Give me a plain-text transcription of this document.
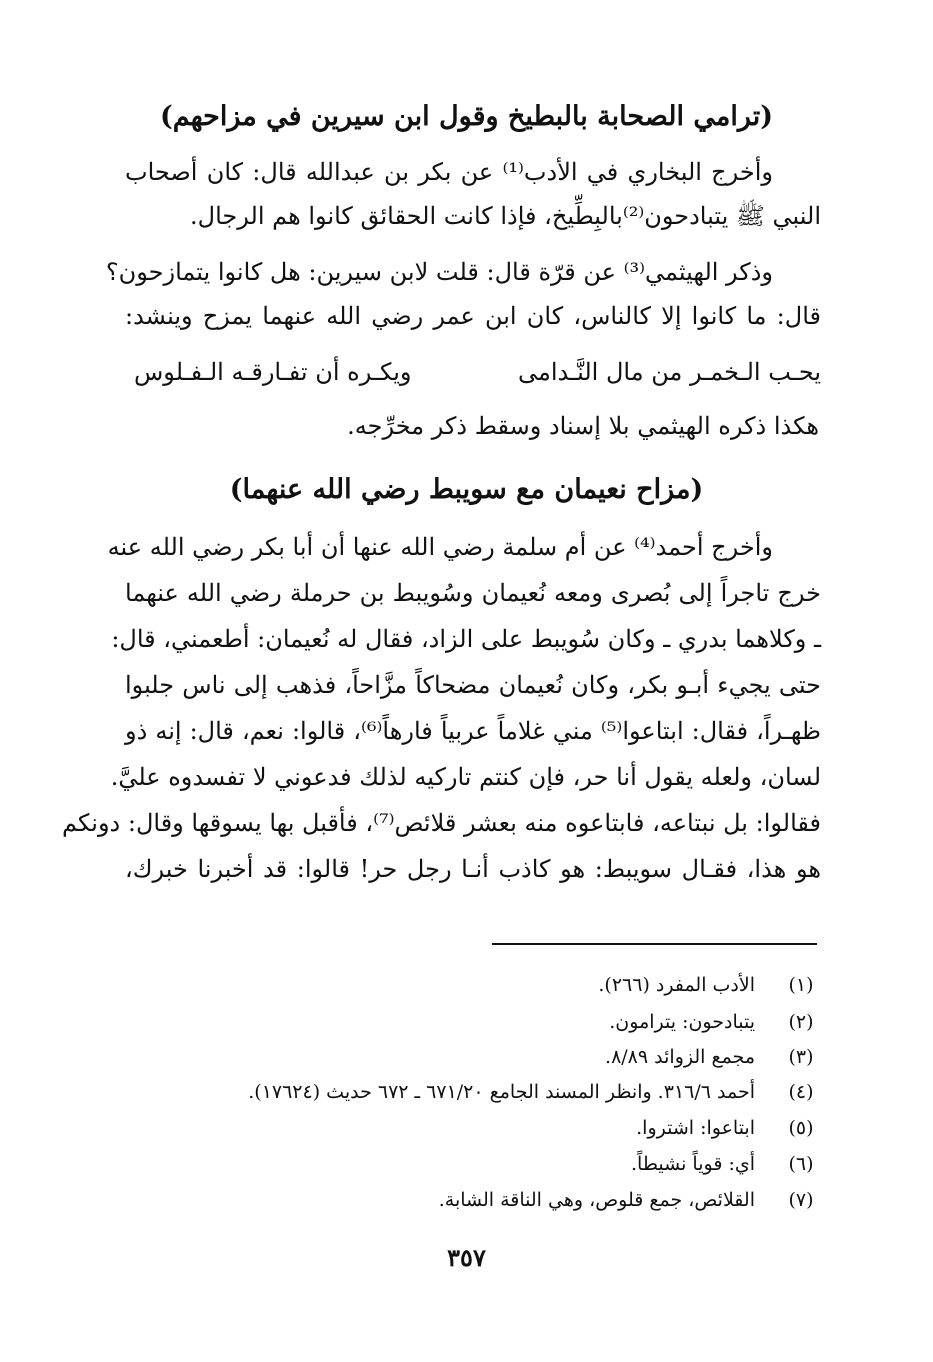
(ترامي الصحابة بالبطيخ وقول ابن سيرين في مزاحهم)
وأخرج البخاري في الأدب⁽¹⁾ عن بكر بن عبدالله قال: كان أصحاب
النبي ﷺ يتبادحون⁽²⁾بالبِطِّيخ، فإذا كانت الحقائق كانوا هم الرجال.
وذكر الهيثمي⁽³⁾ عن قرّة قال: قلت لابن سيرين: هل كانوا يتمازحون؟
قال: ما كانوا إلا كالناس، كان ابن عمر رضي الله عنهما يمزح وينشد:
يحـب الـخمـر من مال النَّـدامى
ويكـره أن تفـارقـه الـفـلوس
هكذا ذكره الهيثمي بلا إسناد وسقط ذكر مخرِّجه.
(مزاح نعيمان مع سويبط رضي الله عنهما)
وأخرج أحمد⁽⁴⁾ عن أم سلمة رضي الله عنها أن أبا بكر رضي الله عنه
خرج تاجراً إلى بُصرى ومعه نُعيمان وسُويبط بن حرملة رضي الله عنهما
ـ وكلاهما بدري ـ وكان سُويبط على الزاد، فقال له نُعيمان: أطعمني، قال:
حتى يجيء أبـو بكر، وكان نُعيمان مضحاكاً مزَّاحاً، فذهب إلى ناس جلبوا
ظهـراً، فقال: ابتاعوا⁽⁵⁾ مني غلاماً عربياً فارهاً⁽⁶⁾، قالوا: نعم، قال: إنه ذو
لسان، ولعله يقول أنا حر، فإن كنتم تاركيه لذلك فدعوني لا تفسدوه عليَّ.
فقالوا: بل نبتاعه، فابتاعوه منه بعشر قلائص⁽⁷⁾، فأقبل بها يسوقها وقال: دونكم
هو هذا، فقـال سويبط: هو كاذب أنـا رجل حر! قالوا: قد أخبرنا خبرك،
(١)
الأدب المفرد (٢٦٦).
(٢)
يتبادحون: يترامون.
(٣)
مجمع الزوائد ٨/٨٩.
(٤)
أحمد ٣١٦/٦. وانظر المسند الجامع ٦٧١/٢٠ ـ ٦٧٢ حديث (١٧٦٢٤).
(٥)
ابتاعوا: اشتروا.
(٦)
أي: قوياً نشيطاً.
(٧)
القلائص، جمع قلوص، وهي الناقة الشابة.
٣٥٧
